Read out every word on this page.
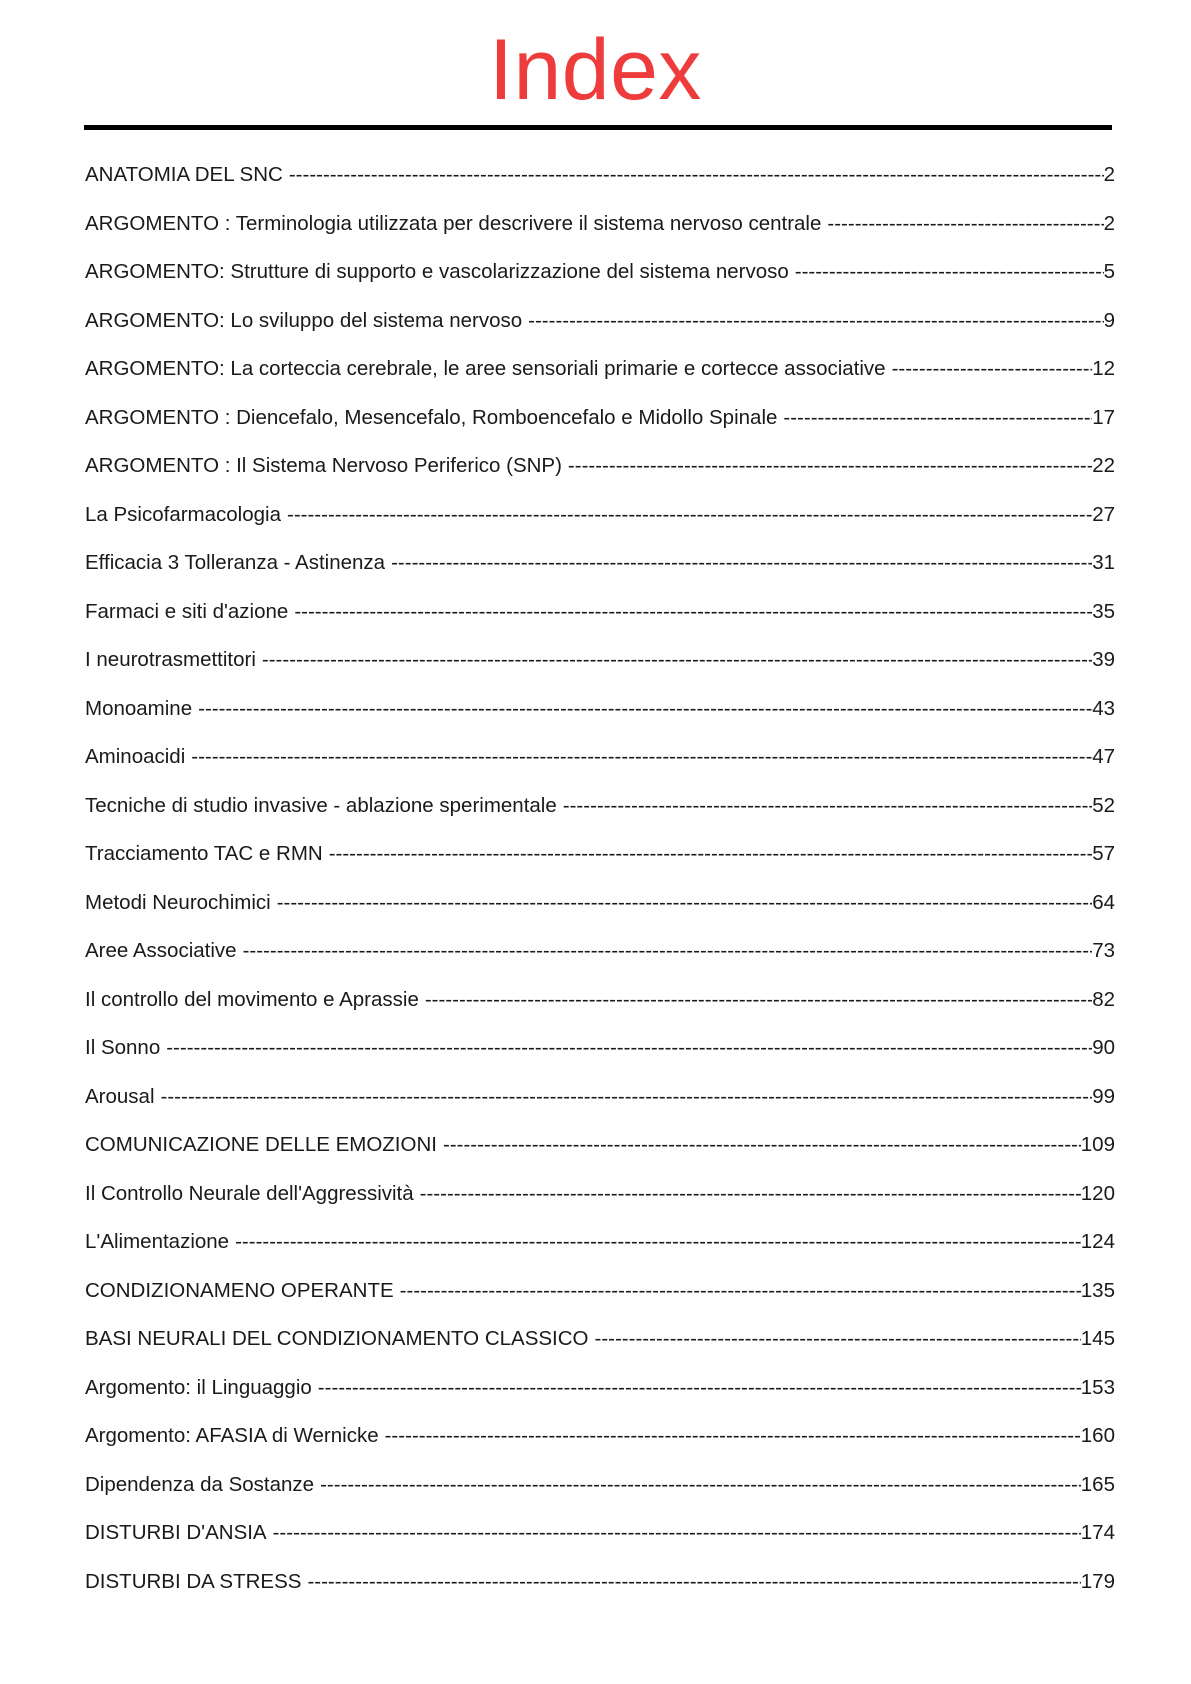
Index
ANATOMIA DEL SNC -----	2
ARGOMENTO : Terminologia utilizzata per descrivere il sistema nervoso centrale -----	2
ARGOMENTO: Strutture di supporto e vascolarizzazione del sistema nervoso -----	5
ARGOMENTO: Lo sviluppo del sistema nervoso -----	9
ARGOMENTO: La corteccia cerebrale, le aree sensoriali primarie e cortecce associative -----	12
ARGOMENTO : Diencefalo, Mesencefalo, Romboencefalo e Midollo Spinale -----	17
ARGOMENTO : Il Sistema Nervoso Periferico (SNP) -----	22
La Psicofarmacologia -----	27
Efficacia 3 Tolleranza - Astinenza -----	31
Farmaci e siti d'azione -----	35
I neurotrasmettitori -----	39
Monoamine -----	43
Aminoacidi -----	47
Tecniche di studio invasive - ablazione sperimentale -----	52
Tracciamento TAC e RMN -----	57
Metodi Neurochimici -----	64
Aree Associative -----	73
Il controllo del movimento e Aprassie -----	82
Il Sonno -----	90
Arousal -----	99
COMUNICAZIONE DELLE EMOZIONI -----	109
Il Controllo Neurale dell'Aggressività -----	120
L'Alimentazione -----	124
CONDIZIONAMENO OPERANTE -----	135
BASI NEURALI DEL CONDIZIONAMENTO CLASSICO -----	145
Argomento: il Linguaggio -----	153
Argomento: AFASIA di Wernicke -----	160
Dipendenza da Sostanze -----	165
DISTURBI D'ANSIA -----	174
DISTURBI DA STRESS -----	179
